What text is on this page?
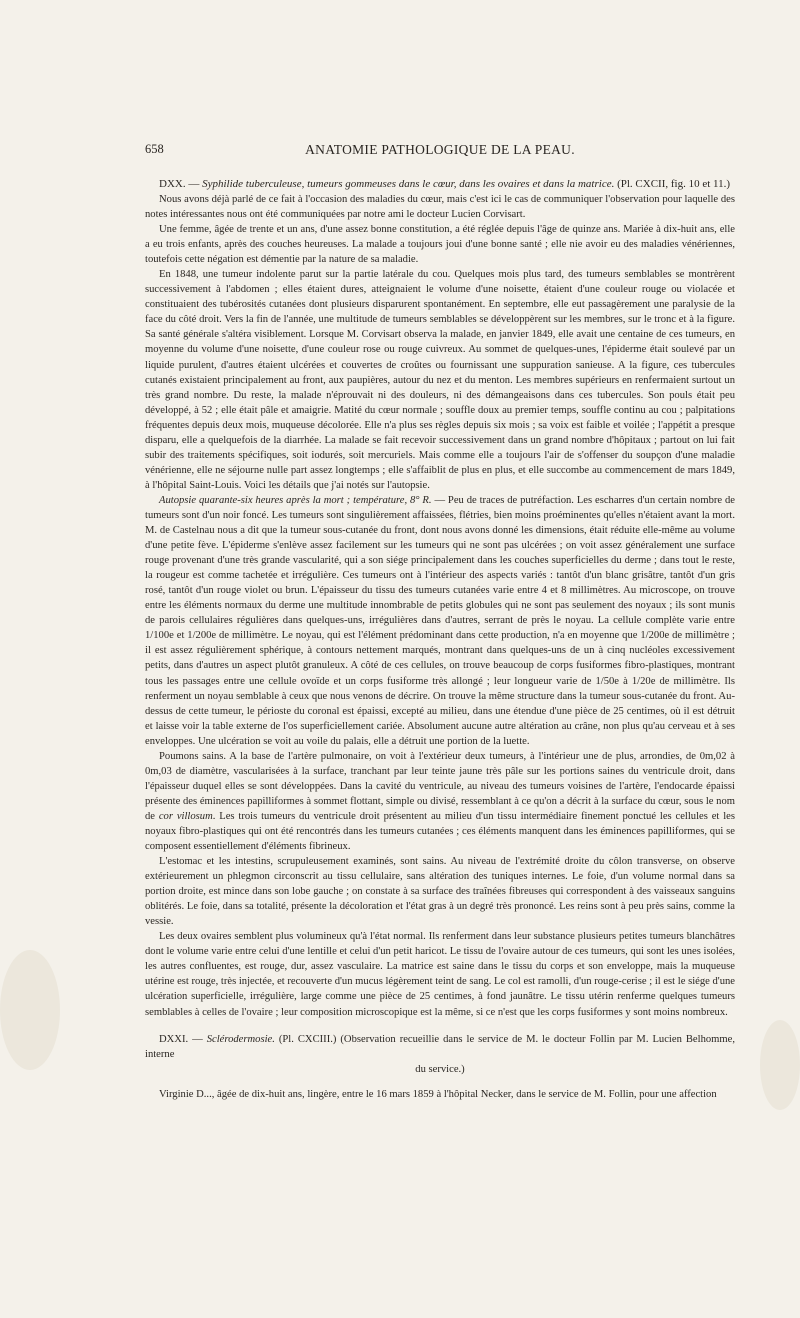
658	ANATOMIE PATHOLOGIQUE DE LA PEAU.

DXX. — Syphilide tuberculeuse, tumeurs gommeuses dans le cœur, dans les ovaires et dans la matrice. (Pl. CXCII, fig. 10 et 11.)

Nous avons déjà parlé de ce fait à l'occasion des maladies du cœur, mais c'est ici le cas de communiquer l'observation pour laquelle des notes intéressantes nous ont été communiquées par notre ami le docteur Lucien Corvisart.

Une femme, âgée de trente et un ans, d'une assez bonne constitution, a été réglée depuis l'âge de quinze ans. Mariée à dix-huit ans, elle a eu trois enfants, après des couches heureuses. La malade a toujours joui d'une bonne santé ; elle nie avoir eu des maladies vénériennes, toutefois cette négation est démentie par la nature de sa maladie.

En 1848, une tumeur indolente parut sur la partie latérale du cou. Quelques mois plus tard, des tumeurs semblables se montrèrent successivement à l'abdomen ; elles étaient dures, atteignaient le volume d'une noisette, étaient d'une couleur rouge ou violacée et constituaient des tubérosités cutanées dont plusieurs disparurent spontanément. En septembre, elle eut passagèrement une paralysie de la face du côté droit. Vers la fin de l'année, une multitude de tumeurs semblables se développèrent sur les membres, sur le tronc et à la figure. Sa santé générale s'altéra visiblement. Lorsque M. Corvisart observa la malade, en janvier 1849, elle avait une centaine de ces tumeurs, en moyenne du volume d'une noisette, d'une couleur rose ou rouge cuivreux. Au sommet de quelques-unes, l'épiderme était soulevé par un liquide purulent, d'autres étaient ulcérées et couvertes de croûtes ou fournissant une suppuration sanieuse. A la figure, ces tubercules cutanés existaient principalement au front, aux paupières, autour du nez et du menton. Les membres supérieurs en renfermaient surtout un très grand nombre. Du reste, la malade n'éprouvait ni des douleurs, ni des démangeaisons dans ces tubercules. Son pouls était peu développé, à 52 ; elle était pâle et amaigrie. Matité du cœur normale ; souffle doux au premier temps, souffle continu au cou ; palpitations fréquentes depuis deux mois, muqueuse décolorée. Elle n'a plus ses règles depuis six mois ; sa voix est faible et voilée ; l'appétit a presque disparu, elle a quelquefois de la diarrhée. La malade se fait recevoir successivement dans un grand nombre d'hôpitaux ; partout on lui fait subir des traitements spécifiques, soit iodurés, soit mercuriels. Mais comme elle a toujours l'air de s'offenser du soupçon d'une maladie vénérienne, elle ne séjourne nulle part assez longtemps ; elle s'affaiblit de plus en plus, et elle succombe au commencement de mars 1849, à l'hôpital Saint-Louis. Voici les détails que j'ai notés sur l'autopsie.

Autopsie quarante-six heures après la mort ; température, 8° R. — Peu de traces de putréfaction. Les escharres d'un certain nombre de tumeurs sont d'un noir foncé. Les tumeurs sont singulièrement affaissées, flétries, bien moins proéminentes qu'elles n'étaient avant la mort. M. de Castelnau nous a dit que la tumeur sous-cutanée du front, dont nous avons donné les dimensions, était réduite elle-même au volume d'une petite fève. L'épiderme s'enlève assez facilement sur les tumeurs qui ne sont pas ulcérées ; on voit assez généralement une surface rouge provenant d'une très grande vascularité, qui a son siége principalement dans les couches superficielles du derme ; dans tout le reste, la rougeur est comme tachetée et irrégulière. Ces tumeurs ont à l'intérieur des aspects variés : tantôt d'un blanc grisâtre, tantôt d'un gris rosé, tantôt d'un rouge violet ou brun. L'épaisseur du tissu des tumeurs cutanées varie entre 4 et 8 millimètres. Au microscope, on trouve entre les éléments normaux du derme une multitude innombrable de petits globules qui ne sont pas seulement des noyaux ; ils sont munis de parois cellulaires régulières dans quelques-uns, irrégulières dans d'autres, serrant de près le noyau. La cellule complète varie entre 1/100e et 1/200e de millimètre. Le noyau, qui est l'élément prédominant dans cette production, n'a en moyenne que 1/200e de millimètre ; il est assez régulièrement sphérique, à contours nettement marqués, montrant dans quelques-uns de un à cinq nucléoles excessivement petits, dans d'autres un aspect plutôt granuleux. A côté de ces cellules, on trouve beaucoup de corps fusiformes fibro-plastiques, montrant tous les passages entre une cellule ovoïde et un corps fusiforme très allongé ; leur longueur varie de 1/50e à 1/20e de millimètre. Ils renferment un noyau semblable à ceux que nous venons de décrire. On trouve la même structure dans la tumeur sous-cutanée du front. Au-dessus de cette tumeur, le périoste du coronal est épaissi, excepté au milieu, dans une étendue d'une pièce de 25 centimes, où il est détruit et laisse voir la table externe de l'os superficiellement cariée. Absolument aucune autre altération au crâne, non plus qu'au cerveau et à ses enveloppes. Une ulcération se voit au voile du palais, elle a détruit une portion de la luette.

Poumons sains. A la base de l'artère pulmonaire, on voit à l'extérieur deux tumeurs, à l'intérieur une de plus, arrondies, de 0m,02 à 0m,03 de diamètre, vascularisées à la surface, tranchant par leur teinte jaune très pâle sur les portions saines du ventricule droit, dans l'épaisseur duquel elles se sont développées. Dans la cavité du ventricule, au niveau des tumeurs voisines de l'artère, l'endocarde épaissi présente des éminences papilliformes à sommet flottant, simple ou divisé, ressemblant à ce qu'on a décrit à la surface du cœur, sous le nom de cor villosum. Les trois tumeurs du ventricule droit présentent au milieu d'un tissu intermédiaire finement ponctué les cellules et les noyaux fibro-plastiques qui ont été rencontrés dans les tumeurs cutanées ; ces éléments manquent dans les éminences papilliformes, qui se composent essentiellement d'éléments fibrineux.

L'estomac et les intestins, scrupuleusement examinés, sont sains. Au niveau de l'extrémité droite du côlon transverse, on observe extérieurement un phlegmon circonscrit au tissu cellulaire, sans altération des tuniques internes. Le foie, d'un volume normal dans sa portion droite, est mince dans son lobe gauche ; on constate à sa surface des traînées fibreuses qui correspondent à des vaisseaux sanguins oblitérés. Le foie, dans sa totalité, présente la décoloration et l'état gras à un degré très prononcé. Les reins sont à peu près sains, comme la vessie.

Les deux ovaires semblent plus volumineux qu'à l'état normal. Ils renferment dans leur substance plusieurs petites tumeurs blanchâtres dont le volume varie entre celui d'une lentille et celui d'un petit haricot. Le tissu de l'ovaire autour de ces tumeurs, qui sont les unes isolées, les autres confluentes, est rouge, dur, assez vasculaire. La matrice est saine dans le tissu du corps et son enveloppe, mais la muqueuse utérine est rouge, très injectée, et recouverte d'un mucus légèrement teint de sang. Le col est ramolli, d'un rouge-cerise ; il est le siége d'une ulcération superficielle, irrégulière, large comme une pièce de 25 centimes, à fond jaunâtre. Le tissu utérin renferme quelques tumeurs semblables à celles de l'ovaire ; leur composition microscopique est la même, si ce n'est que les corps fusiformes y sont moins nombreux.

DXXI. — Sclérodermosie. (Pl. CXCIII.) (Observation recueillie dans le service de M. le docteur Follin par M. Lucien Belhomme, interne
du service.)

Virginie D..., âgée de dix-huit ans, lingère, entre le 16 mars 1859 à l'hôpital Necker, dans le service de M. Follin, pour une affection
